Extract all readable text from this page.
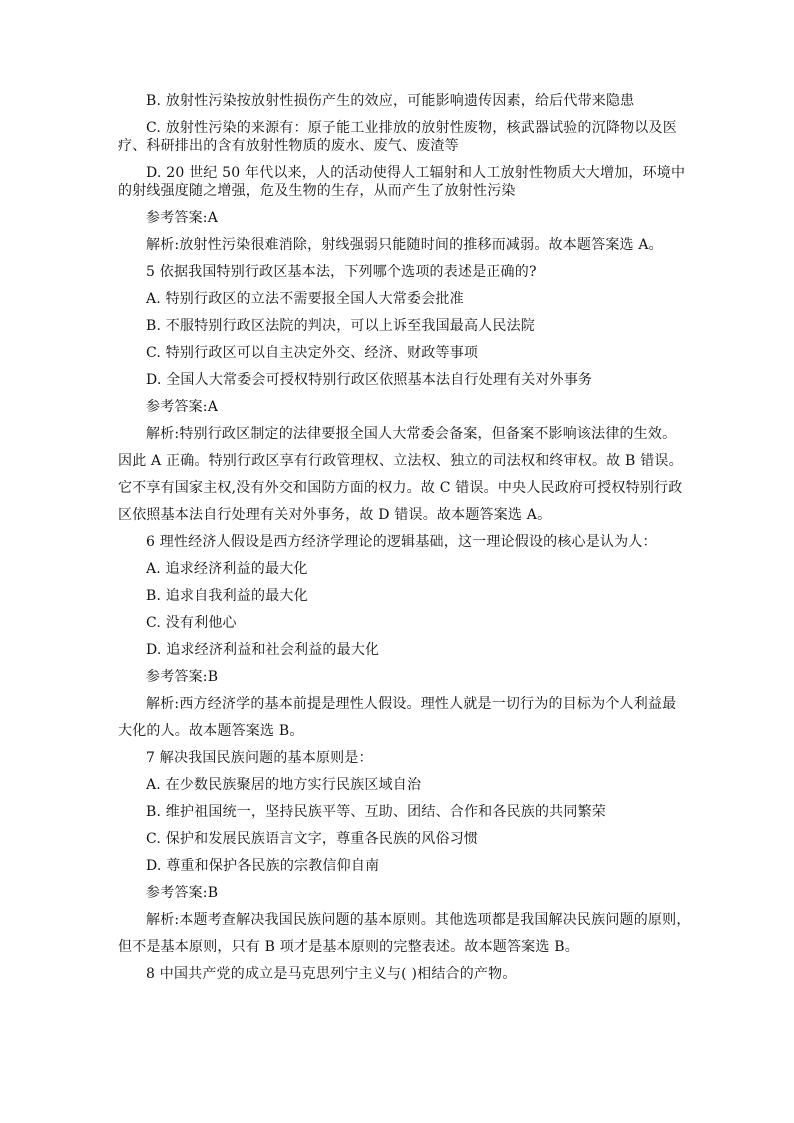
B. 放射性污染按放射性损伤产生的效应，可能影响遗传因素，给后代带来隐患

C. 放射性污染的来源有：原子能工业排放的放射性废物，核武器试验的沉降物以及医

疗、科研排出的含有放射性物质的废水、废气、废渣等

D. 20 世纪 50 年代以来，人的活动使得人工辐射和人工放射性物质大大增加，环境中

的射线强度随之增强，危及生物的生存，从而产生了放射性污染

参考答案:A

解析:放射性污染很难消除，射线强弱只能随时间的推移而减弱。故本题答案选 A。

5 依据我国特别行政区基本法，下列哪个选项的表述是正确的?

A. 特别行政区的立法不需要报全国人大常委会批准

B. 不服特别行政区法院的判决，可以上诉至我国最高人民法院

C. 特别行政区可以自主决定外交、经济、财政等事项

D. 全国人大常委会可授权特别行政区依照基本法自行处理有关对外事务

参考答案:A

解析:特别行政区制定的法律要报全国人大常委会备案，但备案不影响该法律的生效。

因此 A 正确。特别行政区享有行政管理权、立法权、独立的司法权和终审权。故 B 错误。

它不享有国家主权,没有外交和国防方面的权力。故 C 错误。中央人民政府可授权特别行政

区依照基本法自行处理有关对外事务，故 D 错误。故本题答案选 A。

6 理性经济人假设是西方经济学理论的逻辑基础，这一理论假设的核心是认为人：

A. 追求经济利益的最大化

B. 追求自我利益的最大化

C. 没有利他心

D. 追求经济利益和社会利益的最大化

参考答案:B

解析:西方经济学的基本前提是理性人假设。理性人就是一切行为的目标为个人利益最

大化的人。故本题答案选 B。

7 解决我国民族问题的基本原则是：

A. 在少数民族聚居的地方实行民族区域自治

B. 维护祖国统一，坚持民族平等、互助、团结、合作和各民族的共同繁荣

C. 保护和发展民族语言文字，尊重各民族的风俗习惯

D. 尊重和保护各民族的宗教信仰自南

参考答案:B

解析:本题考查解决我国民族问题的基本原则。其他选项都是我国解决民族问题的原则，

但不是基本原则，只有 B 项才是基本原则的完整表述。故本题答案选 B。

8 中国共产党的成立是马克思列宁主义与( )相结合的产物。
